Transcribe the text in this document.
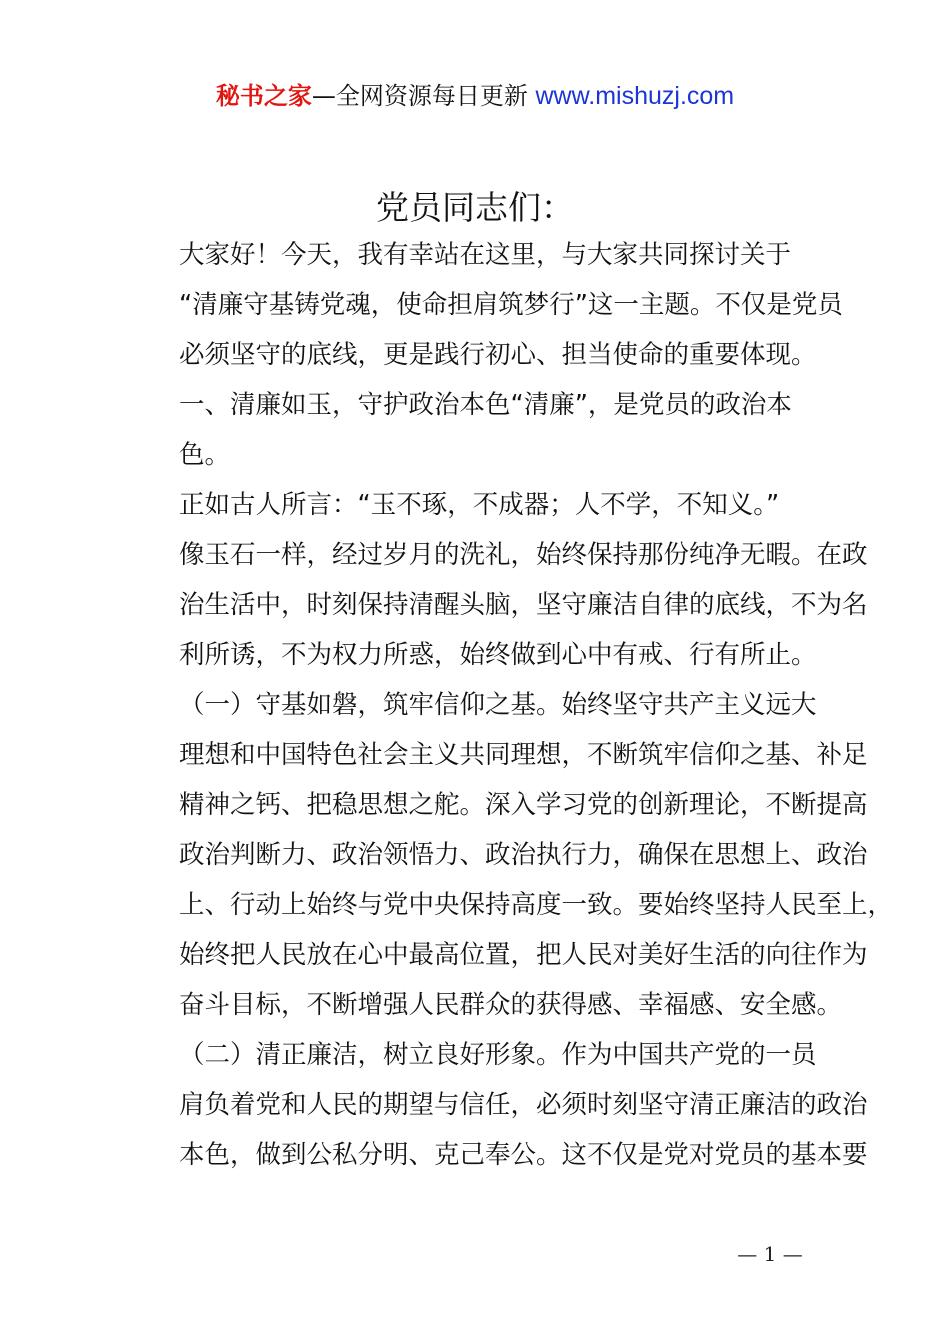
秘书之家—全网资源每日更新 www.mishuzj.com
党员同志们：

大家好！今天，我有幸站在这里，与大家共同探讨关于
“清廉守基铸党魂，使命担肩筑梦行”这一主题。不仅是党员
必须坚守的底线，更是践行初心、担当使命的重要体现。

一、清廉如玉，守护政治本色“清廉”，是党员的政治本
色。

正如古人所言：“玉不琢，不成器；人不学，不知义。”
像玉石一样，经过岁月的洗礼，始终保持那份纯净无暇。在政
治生活中，时刻保持清醒头脑，坚守廉洁自律的底线，不为名
利所诱，不为权力所惑，始终做到心中有戒、行有所止。

（一）守基如磐，筑牢信仰之基。始终坚守共产主义远大
理想和中国特色社会主义共同理想，不断筑牢信仰之基、补足
精神之钙、把稳思想之舵。深入学习党的创新理论，不断提高
政治判断力、政治领悟力、政治执行力，确保在思想上、政治
上、行动上始终与党中央保持高度一致。要始终坚持人民至上，
始终把人民放在心中最高位置，把人民对美好生活的向往作为
奋斗目标，不断增强人民群众的获得感、幸福感、安全感。

（二）清正廉洁，树立良好形象。作为中国共产党的一员
肩负着党和人民的期望与信任，必须时刻坚守清正廉洁的政治
本色，做到公私分明、克己奉公。这不仅是党对党员的基本要

— 1 —
